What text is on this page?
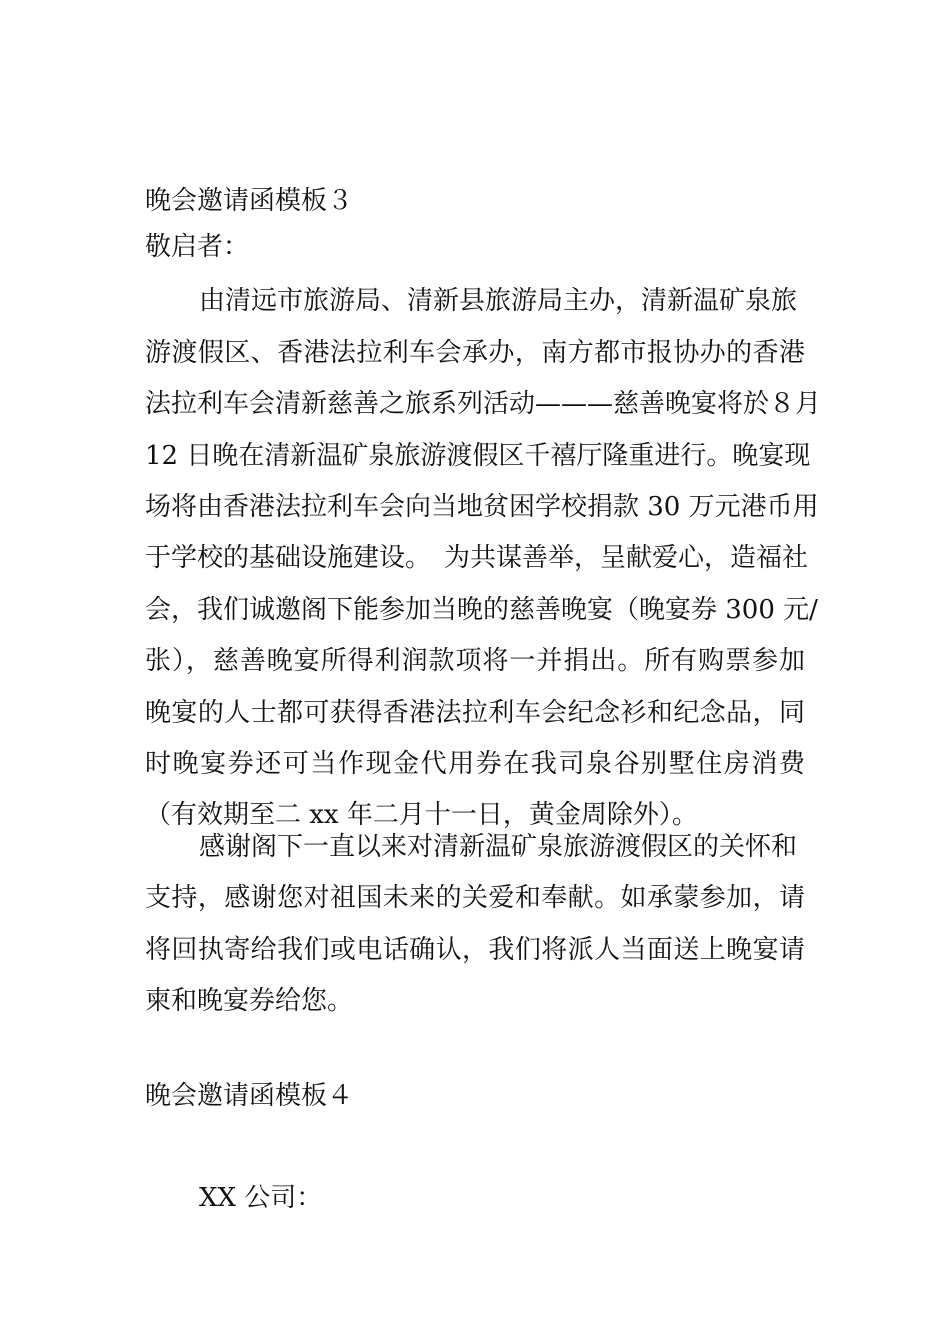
晚会邀请函模板３
敬启者：
由清远市旅游局、清新县旅游局主办，清新温矿泉旅
游渡假区、香港法拉利车会承办，南方都市报协办的香港
法拉利车会清新慈善之旅系列活动———慈善晚宴将於８月
12 日晚在清新温矿泉旅游渡假区千禧厅隆重进行。晚宴现
场将由香港法拉利车会向当地贫困学校捐款 30 万元港币用
于学校的基础设施建设。　为共谋善举，呈献爱心，造福社
会，我们诚邀阁下能参加当晚的慈善晚宴（晚宴券 300 元/
张），慈善晚宴所得利润款项将一并捐出。所有购票参加
晚宴的人士都可获得香港法拉利车会纪念衫和纪念品，同
时晚宴券还可当作现金代用券在我司泉谷别墅住房消费
（有效期至二 xx 年二月十一日，黄金周除外）。
感谢阁下一直以来对清新温矿泉旅游渡假区的关怀和
支持，感谢您对祖国未来的关爱和奉献。如承蒙参加，请
将回执寄给我们或电话确认，我们将派人当面送上晚宴请
柬和晚宴券给您。
晚会邀请函模板４
XX 公司：
